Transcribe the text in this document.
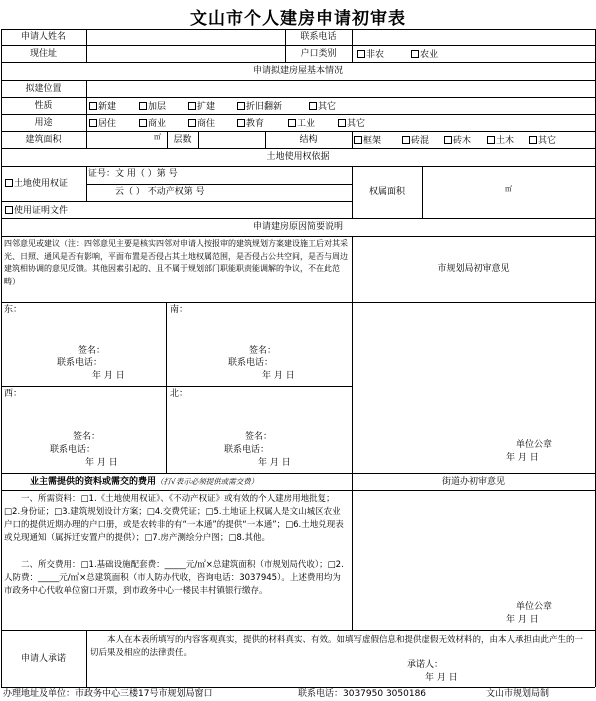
文山市个人建房申请初审表
申请人姓名	联系电话
现住址	户口类别	非农	农业
申请拟建房屋基本情况
拟建位置
性质	新建	加层	扩建	折旧翻新	其它
用途	居住	商业	商住	教育	工业	其它
建筑面积	㎡	层数	结构	框架	砖混	砖木	土木	其它
土地使用权依据
土地使用权证
证号：文 用（ ）第 号
云（ ） 不动产权第 号	权属面积	㎡
使用证明文件
申请建房原因简要说明
四邻意见或建议（注：四邻意见主要是核实四邻对申请人按报审的建筑规划方案建设施工后对其采光、日照、通风是否有影响，平面布置是否侵占其土地权属范围，是否侵占公共空间，是否与周边建筑相协调的意见反馈。其他因素引起的、且不属于规划部门职能职责能调解的争议，不在此范畴）
市规划局初审意见
东：
签名：
联系电话：
年 月 日
南：
签名：
联系电话：
年 月 日
西：
签名：
联系电话：
年 月 日
北：
签名：
联系电话：
年 月 日
单位公章
年 月 日
业主需提供的资料或需交的费用（打√表示必须提供或需交费）	街道办初审意见
一、所需资料：□1.《土地使用权证》、《不动产权证》或有效的个人建房用地批复；□2.身份证；□3.建筑规划设计方案；□4.交费凭证；□5.土地证上权属人是文山城区农业户口的提供近期办理的户口册，或是农转非的有“一本通”的提供“一本通”；□6.土地兑现表或兑现通知（属拆迁安置户的提供）；□7.房产测绘分户图；□8.其他。
二、所交费用：□1.基础设施配套费：_____元/㎡×总建筑面积（市规划局代收）；□2.人防费：_____元/㎡×总建筑面积（市人防办代收，咨询电话：3037945）。上述费用均为市政务中心代收单位窗口开票，到市政务中心一楼民丰村镇银行缴存。
单位公章
年 月 日
申请人承诺
本人在本表所填写的内容客观真实，提供的材料真实、有效。如填写虚假信息和提供虚假无效材料的，由本人承担由此产生的一切后果及相应的法律责任。
承诺人：
年 月 日
办理地址及单位：市政务中心三楼17号市规划局窗口	联系电话：3037950 3050186	文山市规划局制
